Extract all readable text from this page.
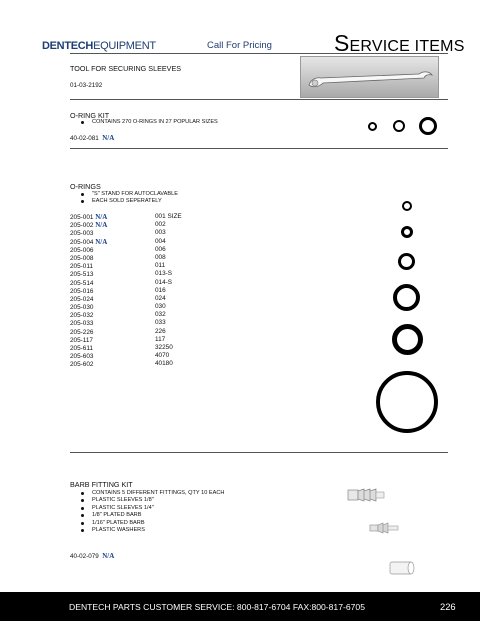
DENTECHEQUIPMENT	Call For Pricing	SERVICE ITEMS
TOOL FOR SECURING SLEEVES
01-03-2192
O-RING KIT
CONTAINS 270 O-RINGS IN 27 POPULAR SIZES
40-02-081 N/A
O-RINGS
"S" STAND FOR AUTOCLAVABLE
EACH SOLD SEPERATELY
205-001 N/A	001 SIZE
205-002 N/A	002
205-003	003
205-004 N/A	004
205-006	006
205-008	008
205-011	011
205-513	013-S
205-514	014-S
205-016	016
205-024	024
205-030	030
205-032	032
205-033	033
205-226	226
205-117	117
205-611	32250
205-603	4070
205-602	40180
BARB FITTING KIT
CONTAINS 5 DIFFERENT FITTINGS, QTY 10 EACH
PLASTIC SLEEVES 1/8"
PLASTIC SLEEVES 1/4"
1/8" PLATED BARB
1/16" PLATED BARB
PLASTIC WASHERS
40-02-079 N/A
DENTECH PARTS CUSTOMER SERVICE: 800-817-6704 FAX:800-817-6705	226
